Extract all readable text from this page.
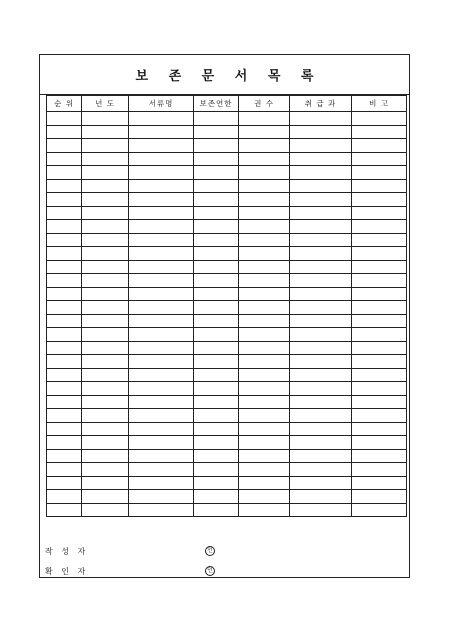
보 존 문 서 목 록
순 위	년 도	서류명	보존연한	권 수	취 급 과	비 고

작 성 자	인
확 인 자	인
